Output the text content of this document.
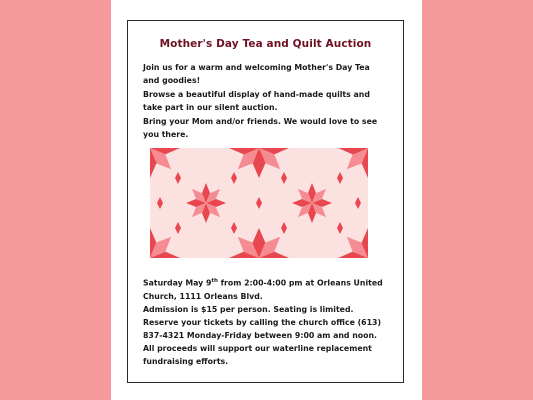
Mother's Day Tea and Quilt Auction
Join us for a warm and welcoming Mother's Day Tea and goodies!
Browse a beautiful display of hand-made quilts and take part in our silent auction.
Bring your Mom and/or friends. We would love to see you there.
Saturday May 9th from 2:00-4:00 pm at Orleans United Church, 1111 Orleans Blvd.
Admission is $15 per person. Seating is limited. Reserve your tickets by calling the church office (613) 837-4321 Monday-Friday between 9:00 am and noon. All proceeds will support our waterline replacement fundraising efforts.
